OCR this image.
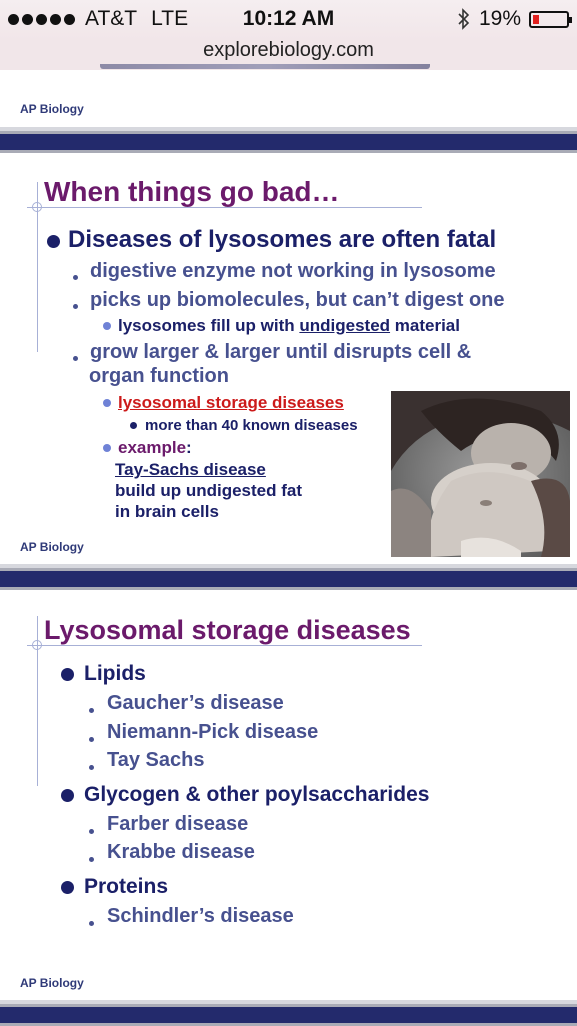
AT&T LTE	10:12 AM	19%
explorebiology.com
AP Biology
When things go bad…
Diseases of lysosomes are often fatal
digestive enzyme not working in lysosome
picks up biomolecules, but can’t digest one
lysosomes fill up with undigested material
grow larger & larger until disrupts cell &
organ function
lysosomal storage diseases
more than 40 known diseases
example:
Tay-Sachs disease
build up undigested fat
in brain cells
AP Biology
Lysosomal storage diseases
Lipids
Gaucher’s disease
Niemann-Pick disease
Tay Sachs
Glycogen & other poylsaccharides
Farber disease
Krabbe disease
Proteins
Schindler’s disease
AP Biology
